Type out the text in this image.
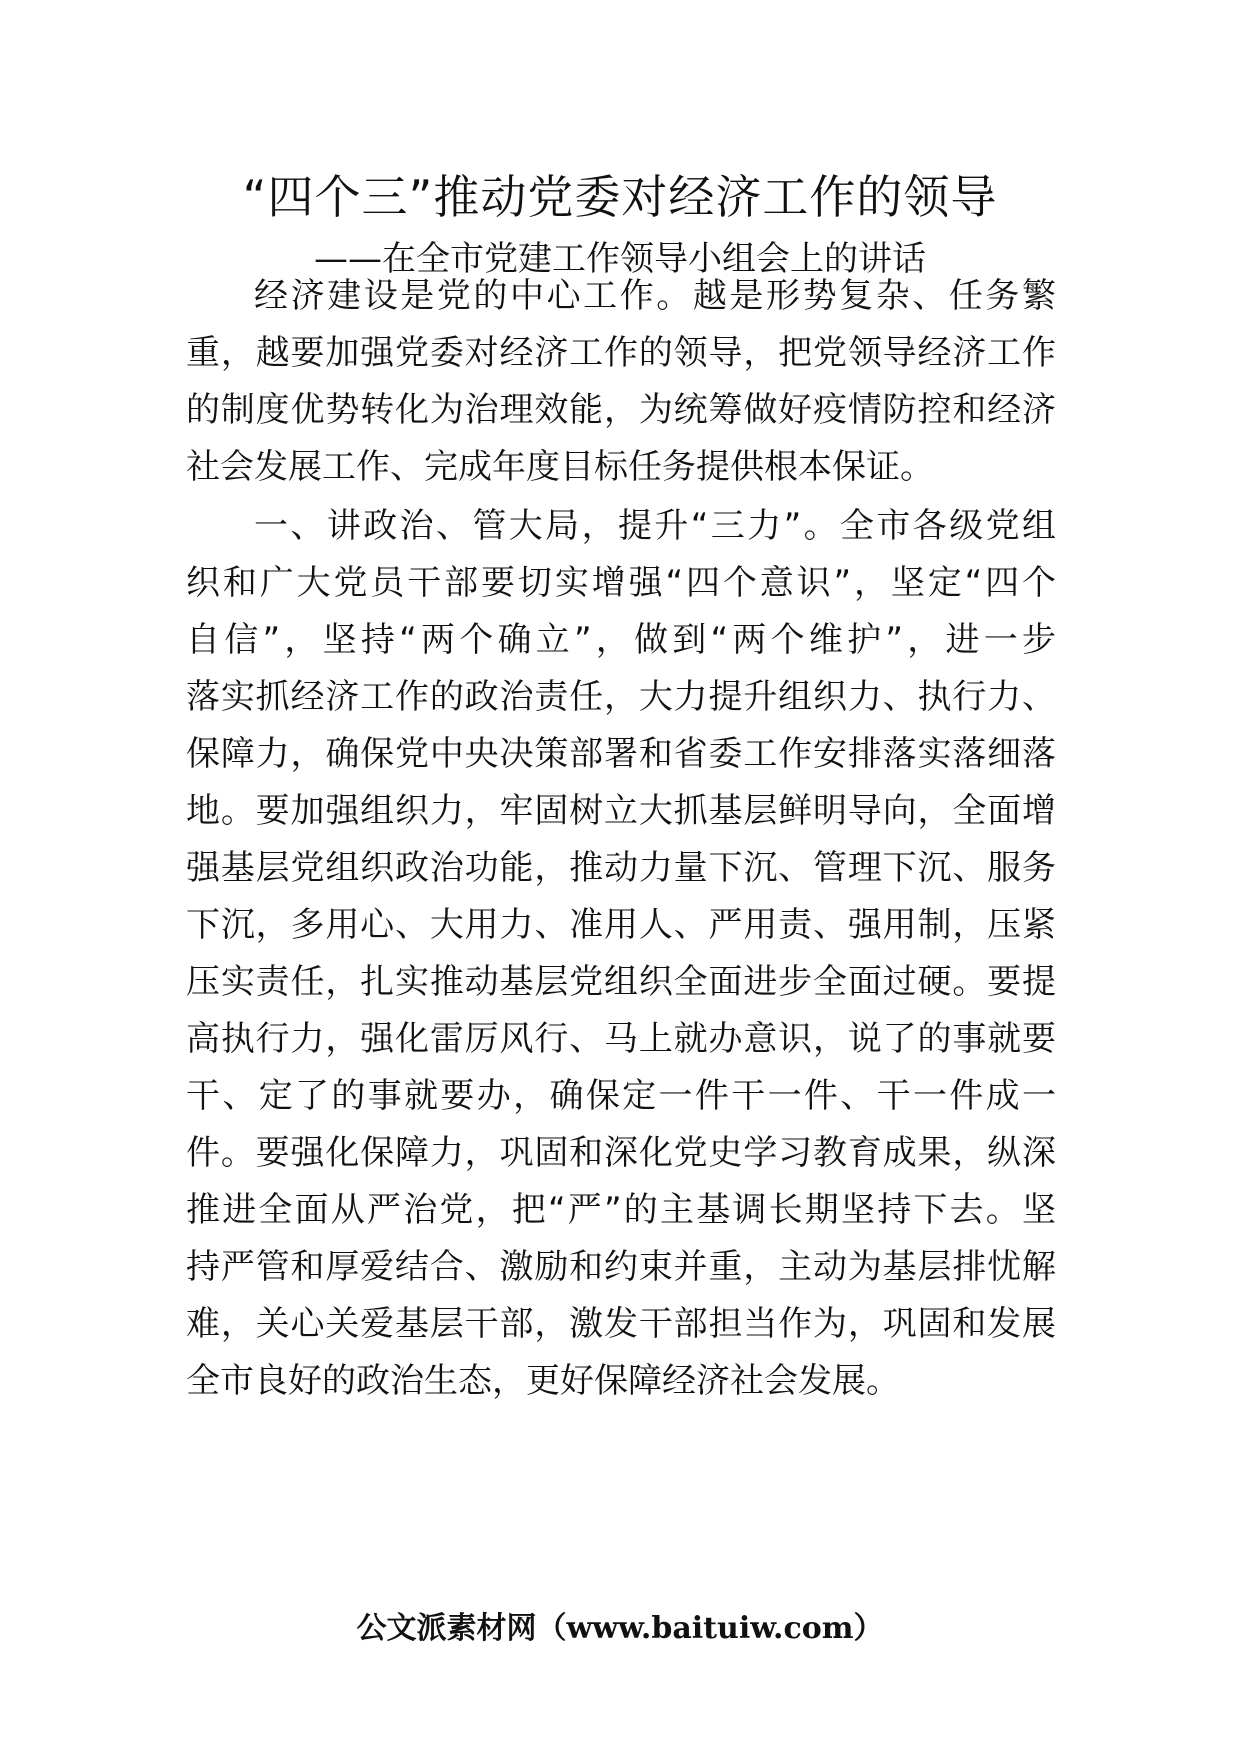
“四个三”推动党委对经济工作的领导
——在全市党建工作领导小组会上的讲话

经济建设是党的中心工作。越是形势复杂、任务繁

重，越要加强党委对经济工作的领导，把党领导经济工作

的制度优势转化为治理效能，为统筹做好疫情防控和经济

社会发展工作、完成年度目标任务提供根本保证。

一、讲政治、管大局，提升“三力”。全市各级党组

织和广大党员干部要切实增强“四个意识”，坚定“四个

自信”，坚持“两个确立”，做到“两个维护”，进一步

落实抓经济工作的政治责任，大力提升组织力、执行力、

保障力，确保党中央决策部署和省委工作安排落实落细落

地。要加强组织力，牢固树立大抓基层鲜明导向，全面增

强基层党组织政治功能，推动力量下沉、管理下沉、服务

下沉，多用心、大用力、准用人、严用责、强用制，压紧

压实责任，扎实推动基层党组织全面进步全面过硬。要提

高执行力，强化雷厉风行、马上就办意识，说了的事就要

干、定了的事就要办，确保定一件干一件、干一件成一

件。要强化保障力，巩固和深化党史学习教育成果，纵深

推进全面从严治党，把“严”的主基调长期坚持下去。坚

持严管和厚爱结合、激励和约束并重，主动为基层排忧解

难，关心关爱基层干部，激发干部担当作为，巩固和发展

全市良好的政治生态，更好保障经济社会发展。

公文派素材网（www.baituiw.com）
